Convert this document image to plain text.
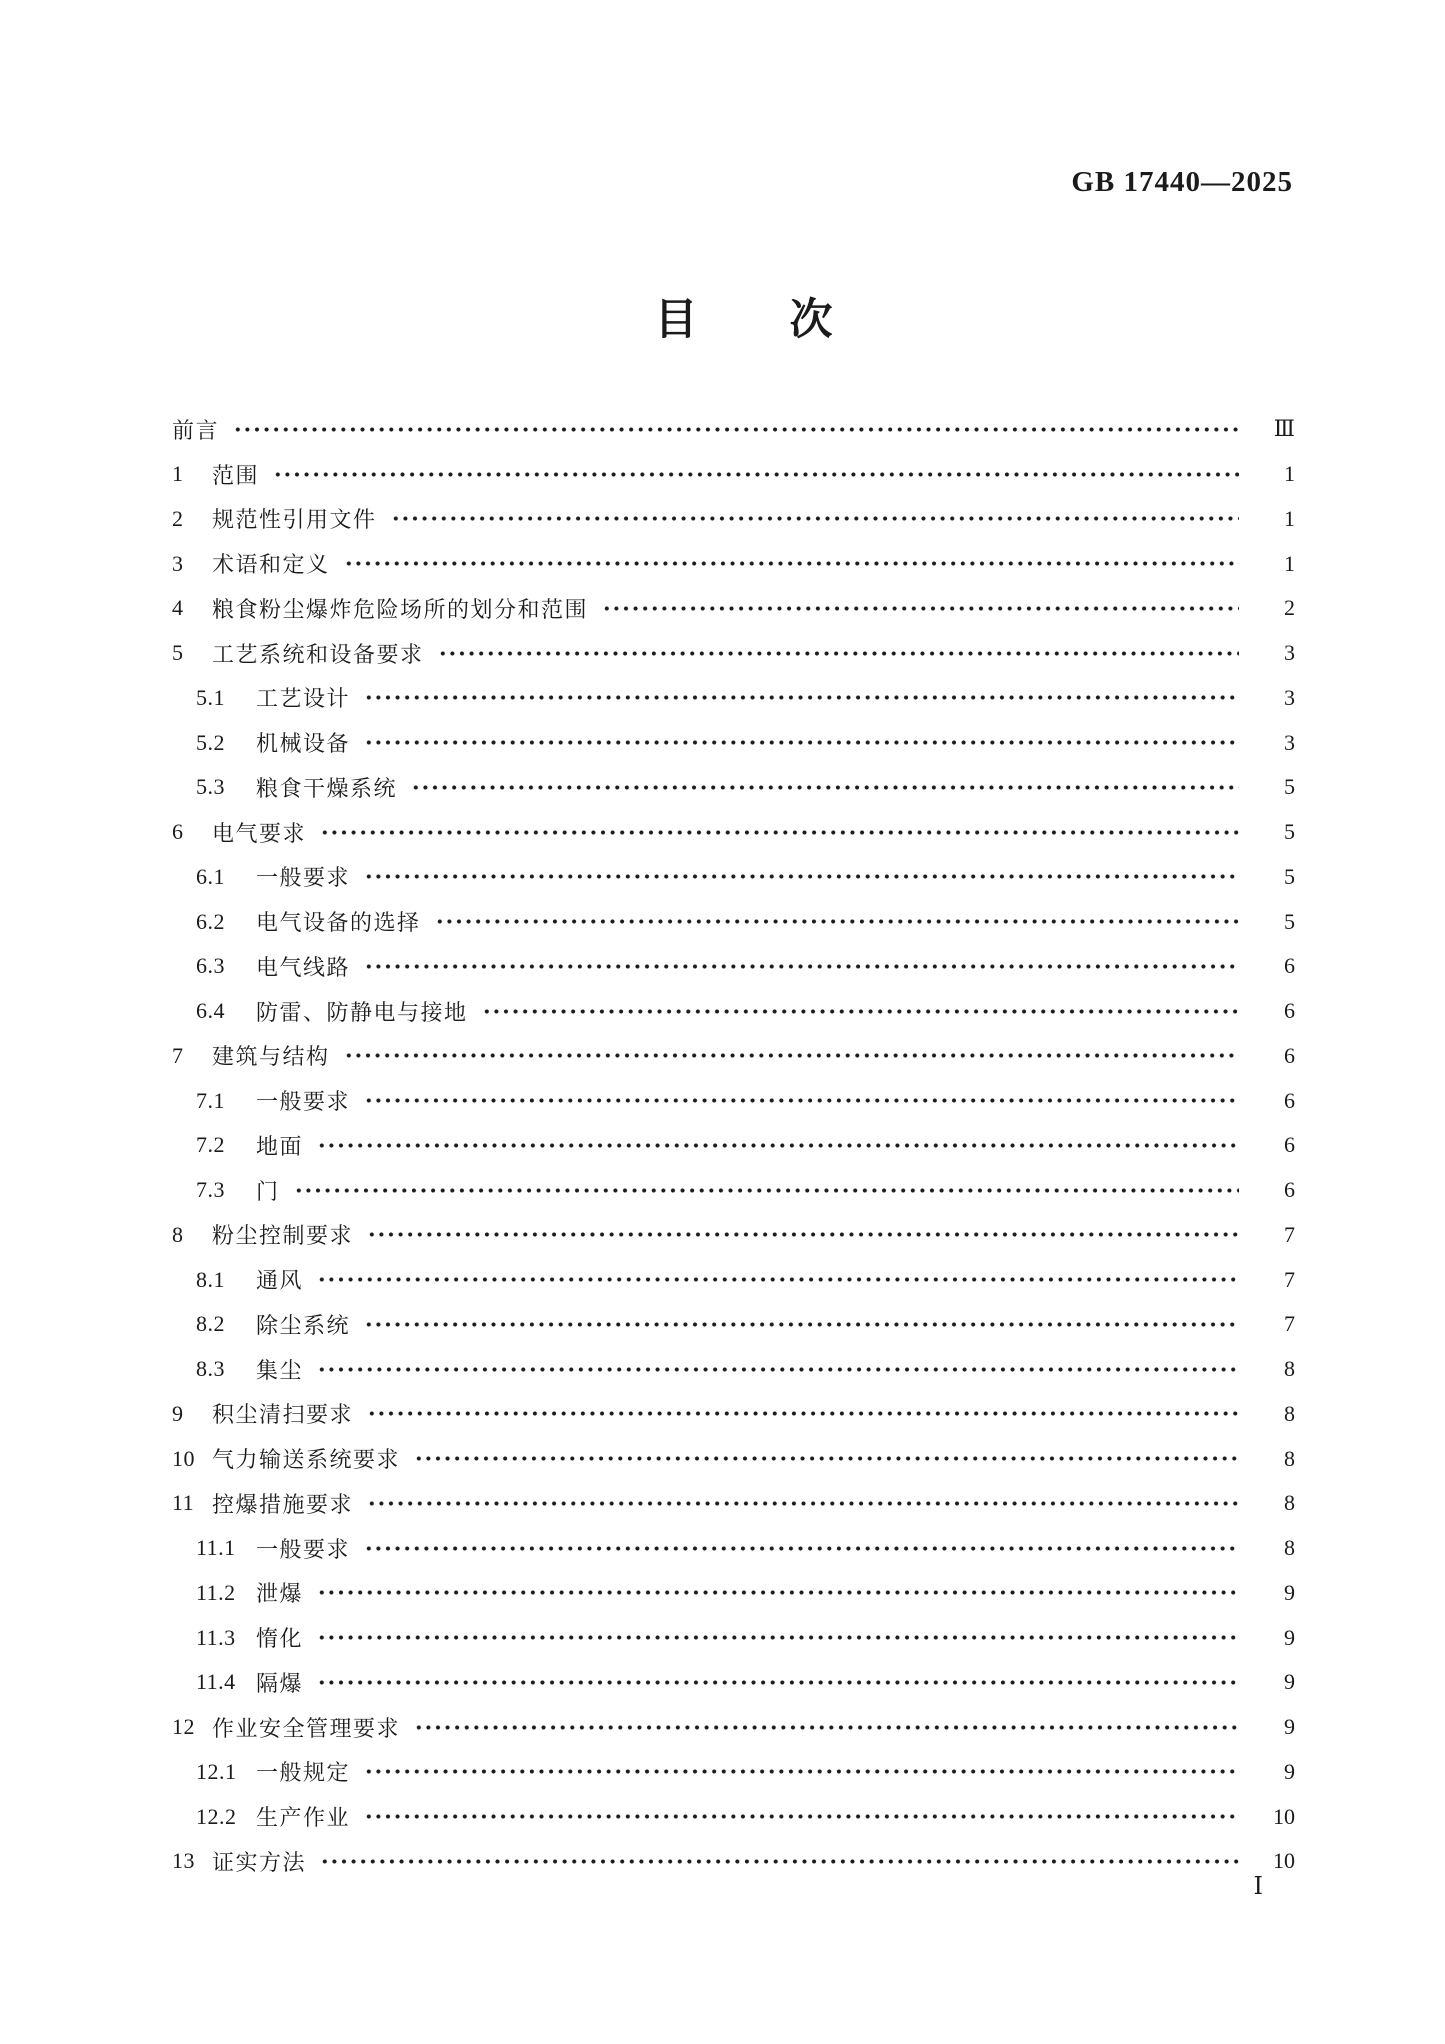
GB 17440—2025
目　　次
前言	Ⅲ
1	范围	1
2	规范性引用文件	1
3	术语和定义	1
4	粮食粉尘爆炸危险场所的划分和范围	2
5	工艺系统和设备要求	3
5.1	工艺设计	3
5.2	机械设备	3
5.3	粮食干燥系统	5
6	电气要求	5
6.1	一般要求	5
6.2	电气设备的选择	5
6.3	电气线路	6
6.4	防雷、防静电与接地	6
7	建筑与结构	6
7.1	一般要求	6
7.2	地面	6
7.3	门	6
8	粉尘控制要求	7
8.1	通风	7
8.2	除尘系统	7
8.3	集尘	8
9	积尘清扫要求	8
10 气力输送系统要求	8
11 控爆措施要求	8
11.1 一般要求	8
11.2 泄爆	9
11.3 惰化	9
11.4 隔爆	9
12 作业安全管理要求	9
12.1 一般规定	9
12.2 生产作业	10
13 证实方法	10
Ⅰ
